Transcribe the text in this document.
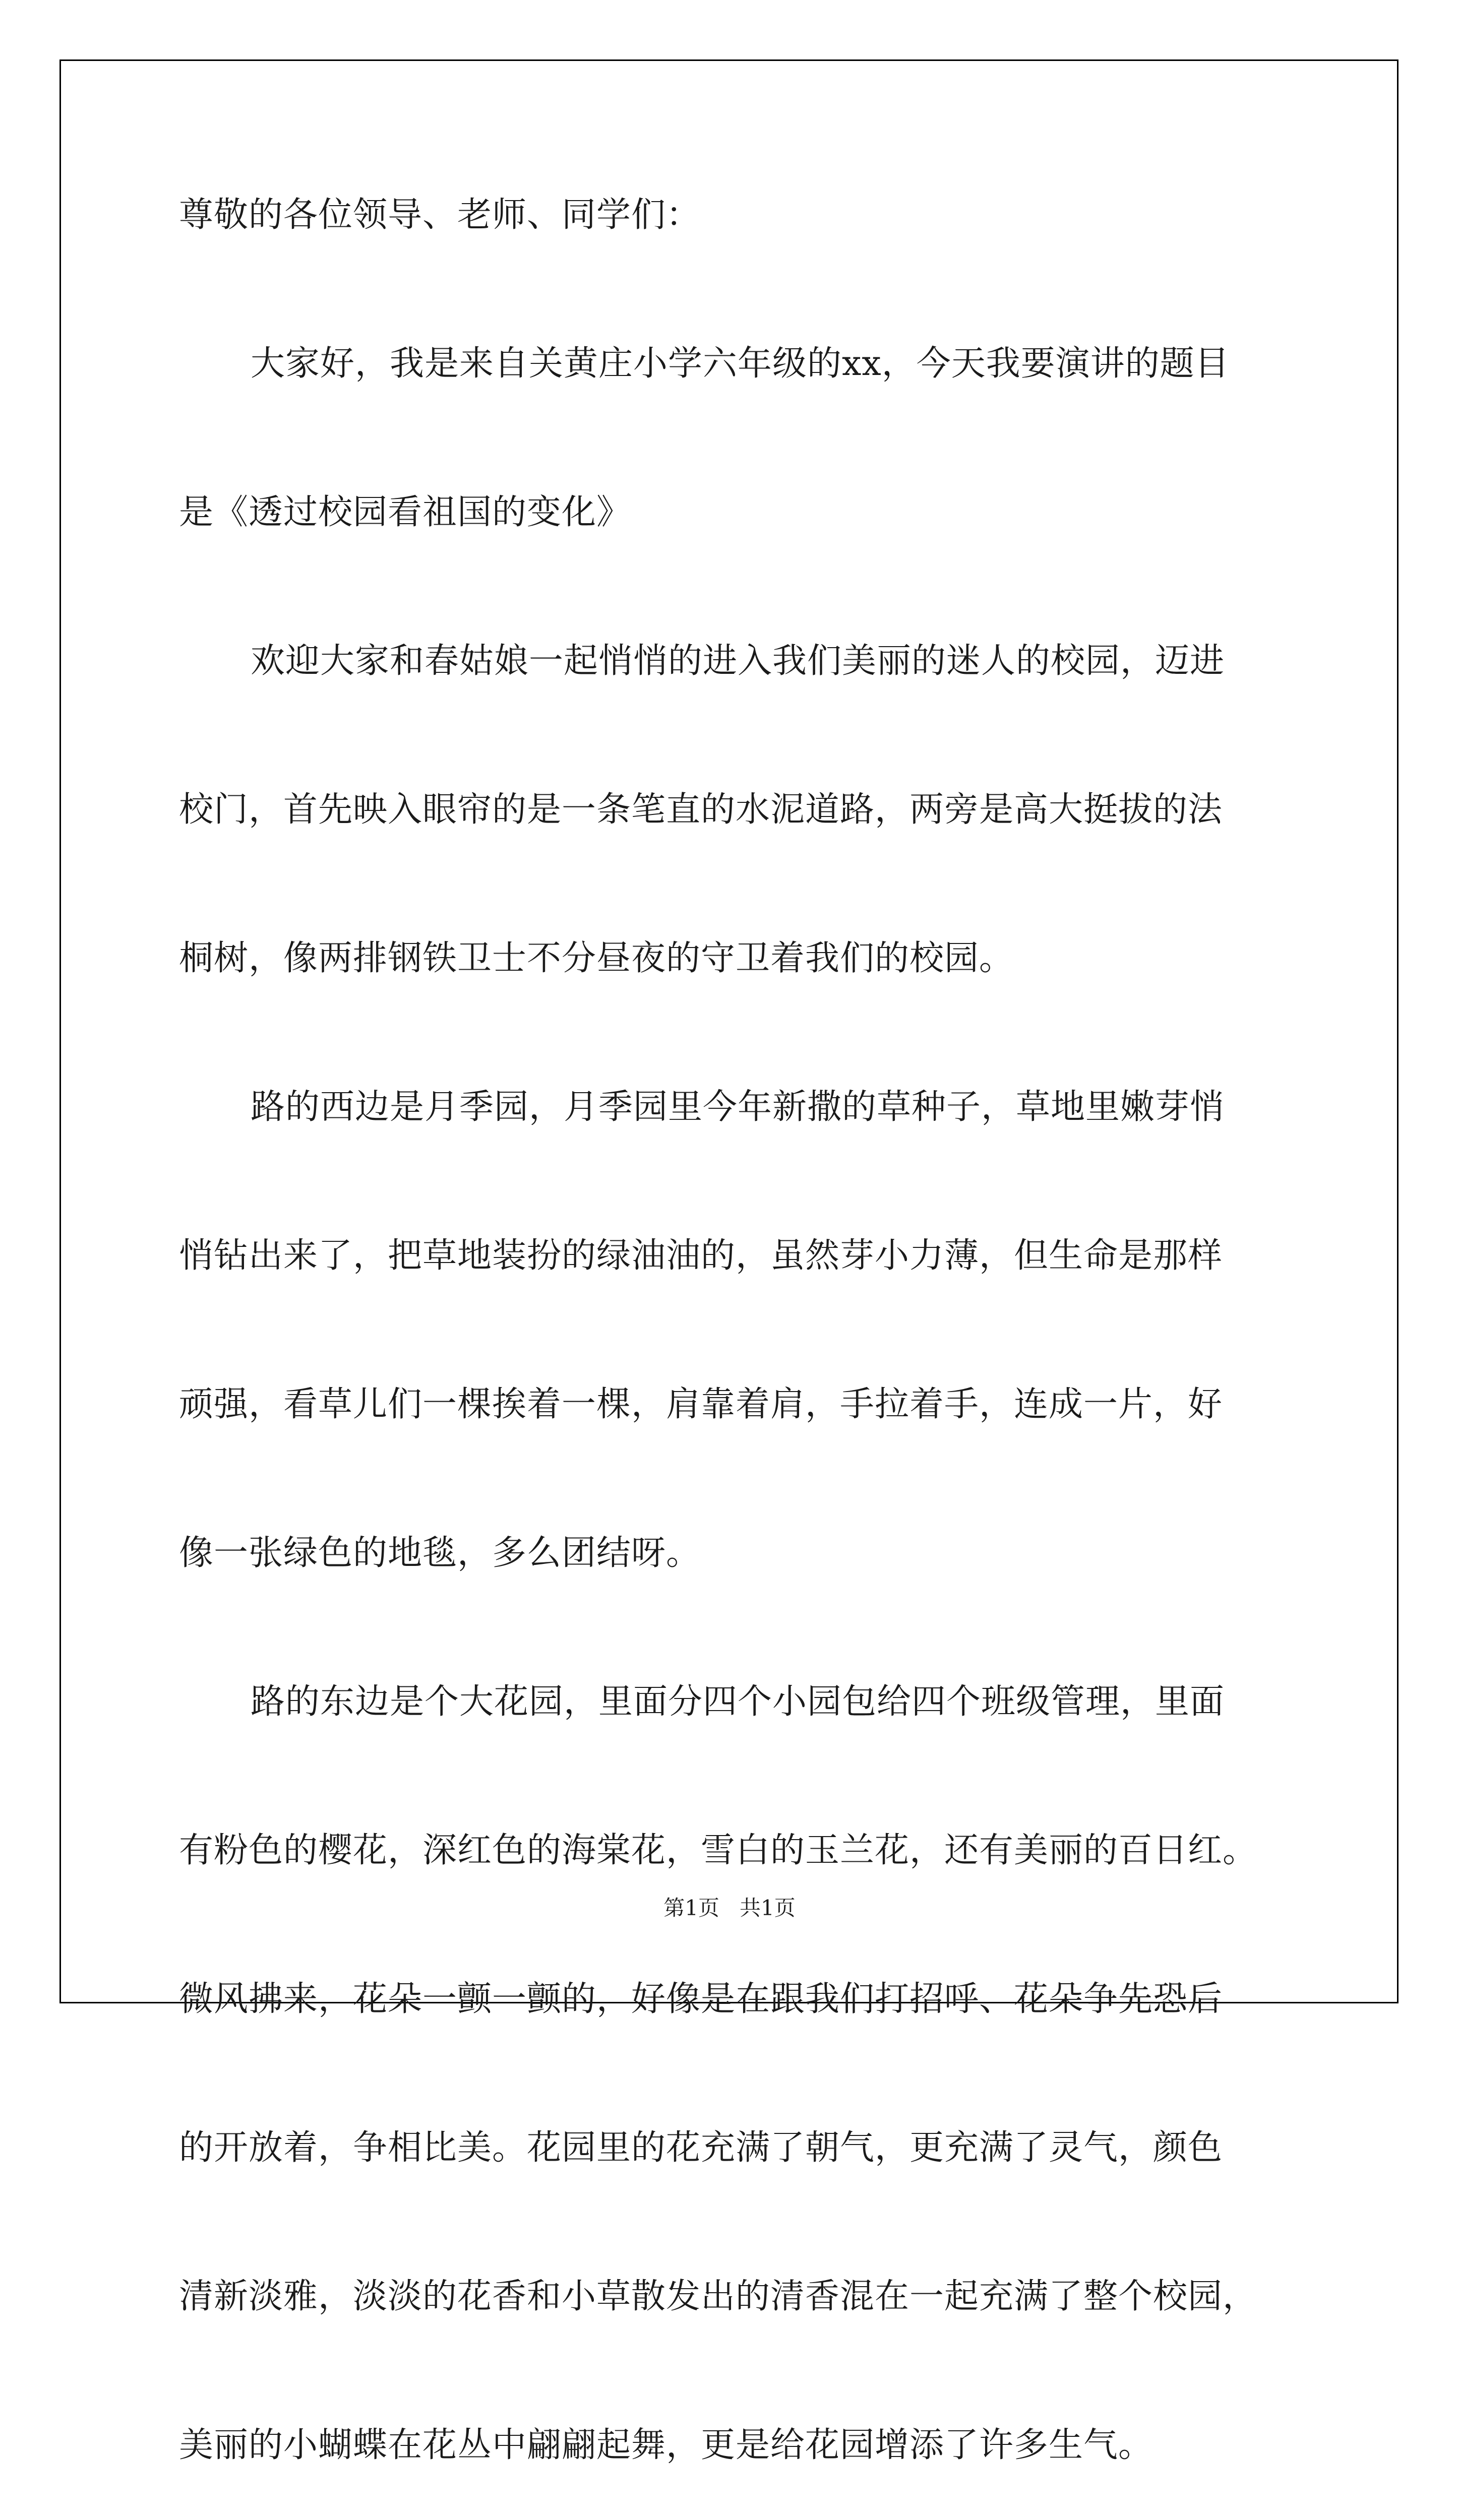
尊敬的各位领导、老师、同学们：

大家好，我是来自关黄庄小学六年级的xx，今天我要演讲的题目

是《透过校园看祖国的变化》

欢迎大家和春姑娘一起悄悄的进入我们美丽的迷人的校园，迈进

校门，首先映入眼帘的是一条笔直的水泥道路，两旁是高大挺拔的法

桐树，像两排钢铁卫士不分昼夜的守卫着我们的校园。

路的西边是月季园，月季园里今年新撒的草种子，草地里嫩芽悄

悄钻出来了，把草地装扮的绿油油的，虽然芽小力薄，但生命是那样

顽强，看草儿们一棵挨着一棵，肩靠着肩，手拉着手，连成一片，好

像一张绿色的地毯，多么团结呀。

路的东边是个大花园，里面分四个小园包给四个班级管理，里面

有粉色的樱花，深红色的海棠花，雪白的玉兰花，还有美丽的百日红。

微风拂来，花朵一颤一颤的，好像是在跟我们打招呼、花朵争先恐后

的开放着，争相比美。花园里的花充满了朝气，更充满了灵气，颜色

清新淡雅，淡淡的花香和小草散发出的清香混在一起充满了整个校园，

美丽的小蝴蝶在花丛中翩翩起舞，更是给花园增添了许多生气。

第1页 共1页
